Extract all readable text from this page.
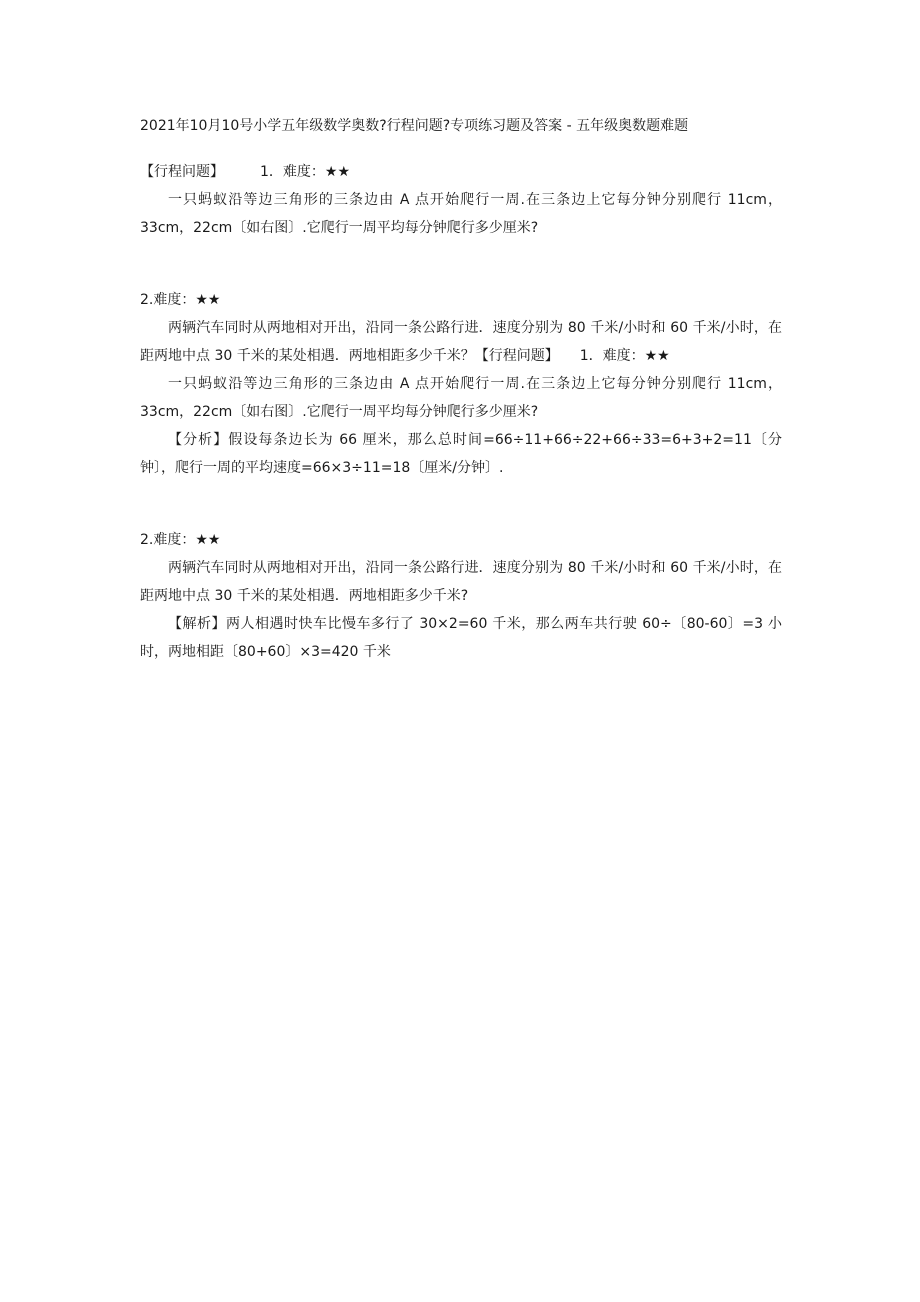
2021年10月10号小学五年级数学奥数?行程问题?专项练习题及答案 - 五年级奥数题难题

【行程问题】	1．难度：★★

一只蚂蚁沿等边三角形的三条边由 A 点开始爬行一周.在三条边上它每分钟分别爬行 11cm，33cm，22cm〔如右图〕.它爬行一周平均每分钟爬行多少厘米?

2.难度：★★

两辆汽车同时从两地相对开出，沿同一条公路行进．速度分别为 80 千米/小时和 60 千米/小时，在距两地中点 30 千米的某处相遇．两地相距多少千米？【行程问题】　　1．难度：★★

一只蚂蚁沿等边三角形的三条边由 A 点开始爬行一周.在三条边上它每分钟分别爬行 11cm，33cm，22cm〔如右图〕.它爬行一周平均每分钟爬行多少厘米?

【分析】假设每条边长为 66 厘米，那么总时间=66÷11+66÷22+66÷33=6+3+2=11〔分钟〕，爬行一周的平均速度=66×3÷11=18〔厘米/分钟〕.

2.难度：★★

两辆汽车同时从两地相对开出，沿同一条公路行进．速度分别为 80 千米/小时和 60 千米/小时，在距两地中点 30 千米的某处相遇．两地相距多少千米?

【解析】两人相遇时快车比慢车多行了 30×2=60 千米，那么两车共行驶 60÷〔80-60〕=3 小时，两地相距〔80+60〕×3=420 千米
